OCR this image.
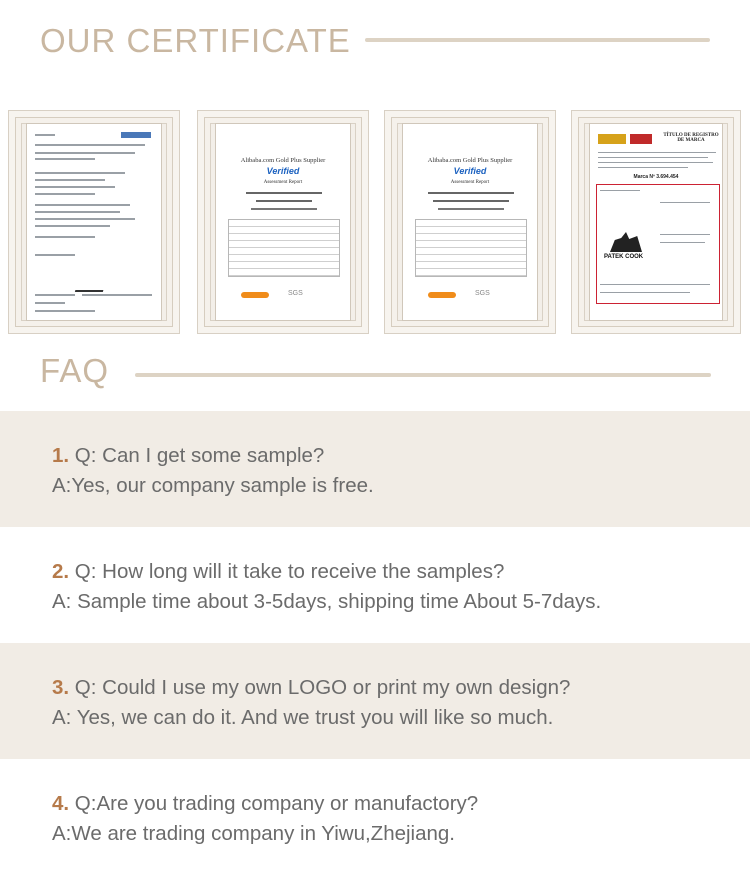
OUR CERTIFICATE
Alibaba.com Gold Plus Supplier
Verified
Assessment Report
SGS
Alibaba.com Gold Plus Supplier
Verified
Assessment Report
SGS
TÍTULO DE REGISTRO DE MARCA
Marca Nº 3.694.454
PATEK COOK
FAQ
1. Q: Can I get some sample?
A:Yes, our company sample is free.
2. Q: How long will it take to receive the samples?
A: Sample time about 3-5days, shipping time About 5-7days.
3. Q: Could I use my own LOGO or print my own design?
A: Yes, we can do it. And we trust you will like so much.
4. Q:Are you trading company or manufactory?
A:We are trading company in Yiwu,Zhejiang.
